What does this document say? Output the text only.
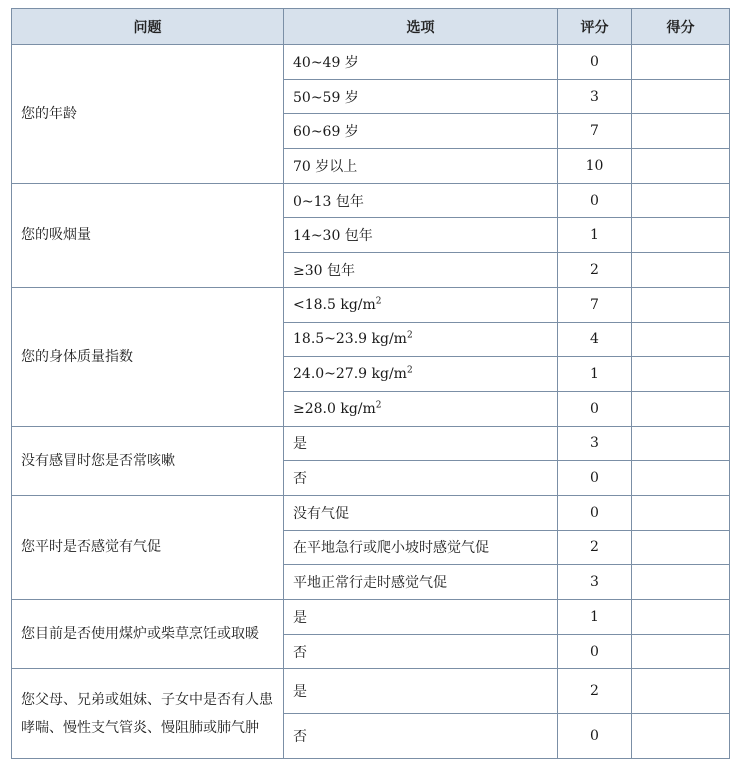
问题	选项	评分	得分
您的年龄	40~49 岁	0	
	50~59 岁	3	
	60~69 岁	7	
	70 岁以上	10	
您的吸烟量	0~13 包年	0	
	14~30 包年	1	
	≥30 包年	2	
您的身体质量指数	<18.5 $kg/m^2$	7	
	18.5~23.9 $kg/m^2$	4	
	24.0~27.9 $kg/m^2$	1	
	≥28.0 $kg/m^2$	0	
没有感冒时您是否常咳嗽	是	3	
	否	0	
您平时是否感觉有气促	没有气促	0	
	在平地急行或爬小坡时感觉气促	2	
	平地正常行走时感觉气促	3	
您目前是否使用煤炉或柴草烹饪或取暖	是	1	
	否	0	
您父母、兄弟或姐妹、子女中是否有人患哮喘、慢性支气管炎、慢阻肺或肺气肿	是	2	
	否	0	
